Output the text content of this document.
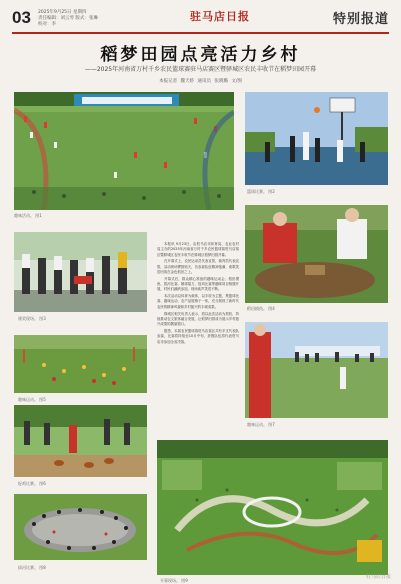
03 2025年9月25日 星期四
责任编辑：刘云琴 版式：张琳
校对：李
驻马店日报	特别报道
稻梦田园点亮活力乡村
——2025年河南省万村千乡农民篮球赛驻马店赛区暨驿城区农民丰收节在稻梦田园开幕
本报记者 魏天娇 通讯员 张晓璐 文/图
趣味活动。 图1
篮球比赛。 图2
颁奖现场。 图3
稻田摸鱼。 图4
趣味运动。 图5
捉鸡比赛。 图6
趣味运动。 图7

本报讯 9月23日，由驻马店市体育局、农业农村局主办的2025年河南省万村千乡农民篮球赛驻马店赛区暨驿城区农民丰收节在驿城区稻梦田园开幕。

在开幕式上，农民运动员代表宣誓，裁判员代表宣誓，活动现场锣鼓喧天，各参赛队伍精神饱满，欢歌笑语回荡在金色稻田之上。

开幕式后，群众精心准备的趣味运动会、稻田摸鱼、拔河比赛、颠球接力、捉鸡比赛等趣味项目相继开展，村民们踊跃参加，现场欢声笑语不断。

本次活动以体育为载体，以丰收为主题，集篮球比赛、趣味运动、农产品展销于一体，充分展现了新时代农民的精神风貌和乡村振兴的丰硕成果。

驿城区相关负责人表示，将以此次活动为契机，持续推动农文旅体融合发展，让稻梦田园成为展示乡村振兴成果的靓丽窗口。

据悉，本届农民篮球赛驻马店赛区共有多支代表队参赛，比赛将持续至10月中旬，获胜队伍将代表驻马店市参加全省决赛。

拔河比赛。 图8
开幕现场。 图9
驻马店日报
